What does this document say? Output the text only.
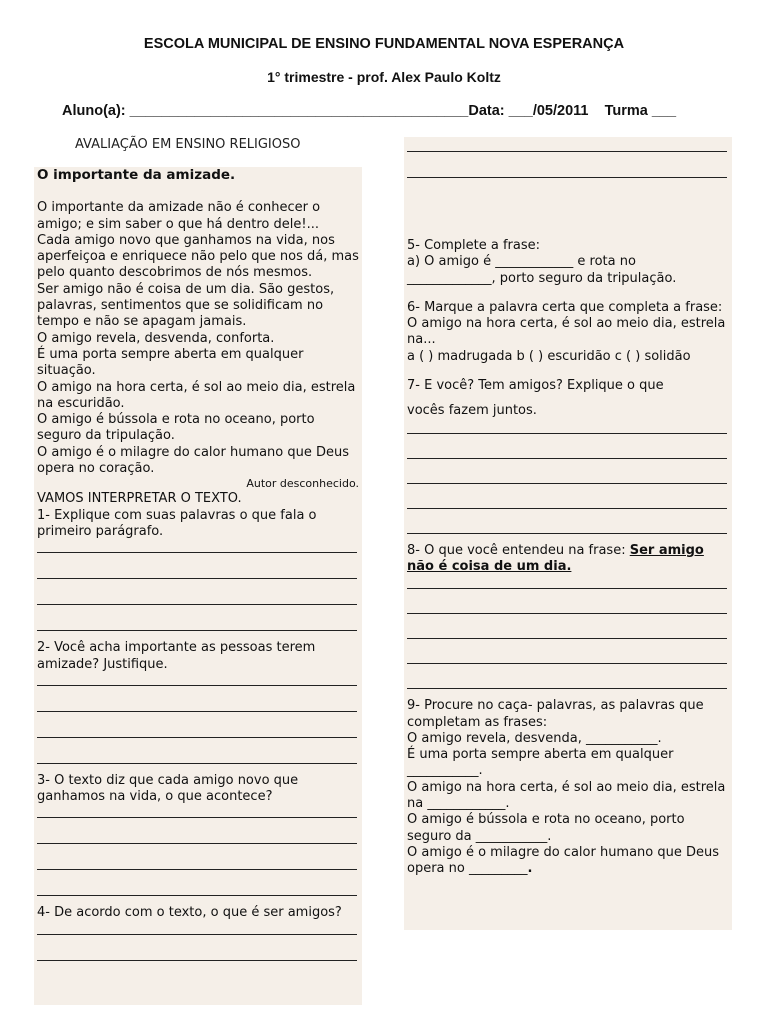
ESCOLA MUNICIPAL DE ENSINO FUNDAMENTAL NOVA ESPERANÇA
1° trimestre - prof. Alex Paulo Koltz
Aluno(a): __________________________________________Data: ___/05/2011    Turma ___
AVALIAÇÃO EM ENSINO RELIGIOSO

O importante da amizade.

O importante da amizade não é conhecer o amigo; e sim saber o que há dentro dele!...

Cada amigo novo que ganhamos na vida, nos aperfeiçoa e enriquece não pelo que nos dá, mas pelo quanto descobrimos de nós mesmos.

Ser amigo não é coisa de um dia. São gestos, palavras, sentimentos que se solidificam no tempo e não se apagam jamais.

O amigo revela, desvenda, conforta.

É uma porta sempre aberta em qualquer situação.

O amigo na hora certa, é sol ao meio dia, estrela na escuridão.

O amigo é bússola e rota no oceano, porto seguro da tripulação.

O amigo é o milagre do calor humano que Deus opera no coração.

Autor desconhecido.

VAMOS INTERPRETAR O TEXTO.

1- Explique com suas palavras o que fala o primeiro parágrafo.

2- Você acha importante as pessoas terem amizade? Justifique.

3- O texto diz que cada amigo novo que ganhamos na vida, o que acontece?

4- De acordo com o texto, o que é ser amigos?

5- Complete a frase:

a) O amigo é ____________ e rota no

_____________, porto seguro da tripulação.

6- Marque a palavra certa que completa a frase:

O amigo na hora certa, é sol ao meio dia, estrela na...

a ( ) madrugada b ( ) escuridão c ( ) solidão

7- E você? Tem amigos? Explique o que

vocês fazem juntos.

8- O que você entendeu na frase: Ser amigo não é coisa de um dia.

9- Procure no caça- palavras, as palavras que completam as frases:

O amigo revela, desvenda, ___________.

É uma porta sempre aberta em qualquer ___________.

O amigo na hora certa, é sol ao meio dia, estrela na ____________.

O amigo é bússola e rota no oceano, porto seguro da ___________.

O amigo é o milagre do calor humano que Deus opera no _________.
